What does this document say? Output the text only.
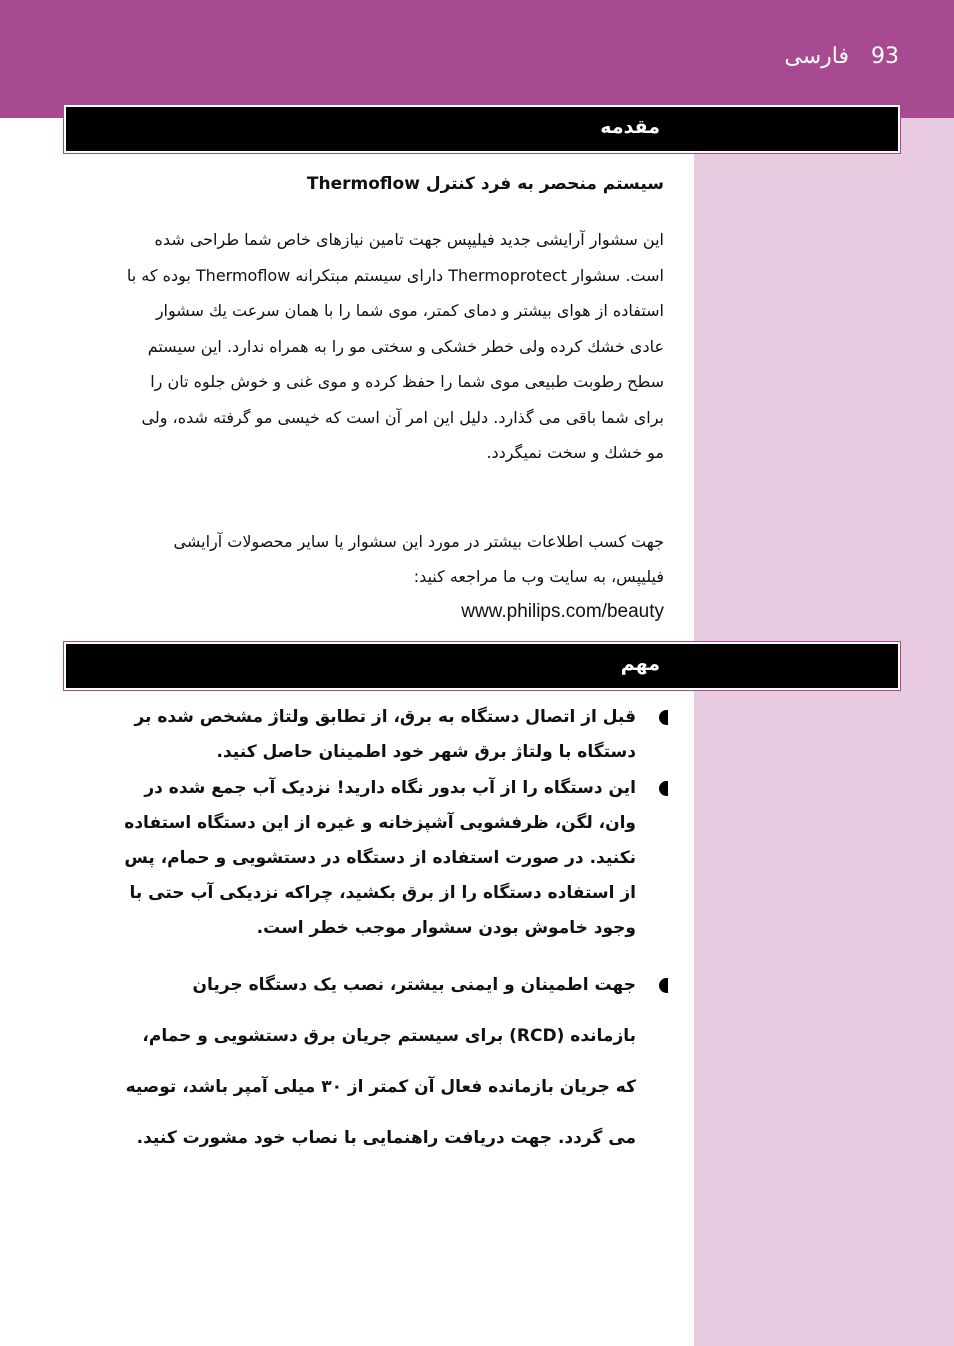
93
فارسی
مقدمه
سیستم منحصر به فرد کنترل Thermoflow
این سشوار آرایشی جدید فیلیپس جهت تامین نیازهای خاص شما طراحی شده است. سشوار Thermoprotect دارای سیستم مبتکرانه Thermoflow بوده که با استفاده از هوای بیشتر و دمای کمتر، موی شما را با همان سرعت یك سشوار عادی خشك کرده ولی خطر خشکی و سختی مو را به همراه ندارد. این سیستم سطح رطوبت طبیعی موی شما را حفظ کرده و موی غنی و خوش جلوه تان را برای شما باقی می گذارد. دلیل این امر آن است که خیسی مو گرفته شده، ولی مو خشك و سخت نمیگردد.
جهت کسب اطلاعات بیشتر در مورد این سشوار یا سایر محصولات آرایشی فیلیپس، به سایت وب ما مراجعه کنید:
www.philips.com/beauty
مهم
قبل از اتصال دستگاه به برق، از تطابق ولتاژ مشخص شده بر دستگاه با ولتاژ برق شهر خود اطمینان حاصل کنید.
این دستگاه را از آب بدور نگاه دارید! نزدیک آب جمع شده در وان، لگن، ظرفشویی آشپزخانه و غیره از این دستگاه استفاده نکنید. در صورت استفاده از دستگاه در دستشویی و حمام، پس از استفاده دستگاه را از برق بکشید، چراکه نزدیکی آب حتی با وجود خاموش بودن سشوار موجب خطر است.
جهت اطمینان و ایمنی بیشتر، نصب یک دستگاه جریان بازمانده (RCD) برای سیستم جریان برق دستشویی و حمام، که جریان بازمانده فعال آن کمتر از ۳۰ میلی آمپر باشد، توصیه می گردد. جهت دریافت راهنمایی با نصاب خود مشورت کنید.
